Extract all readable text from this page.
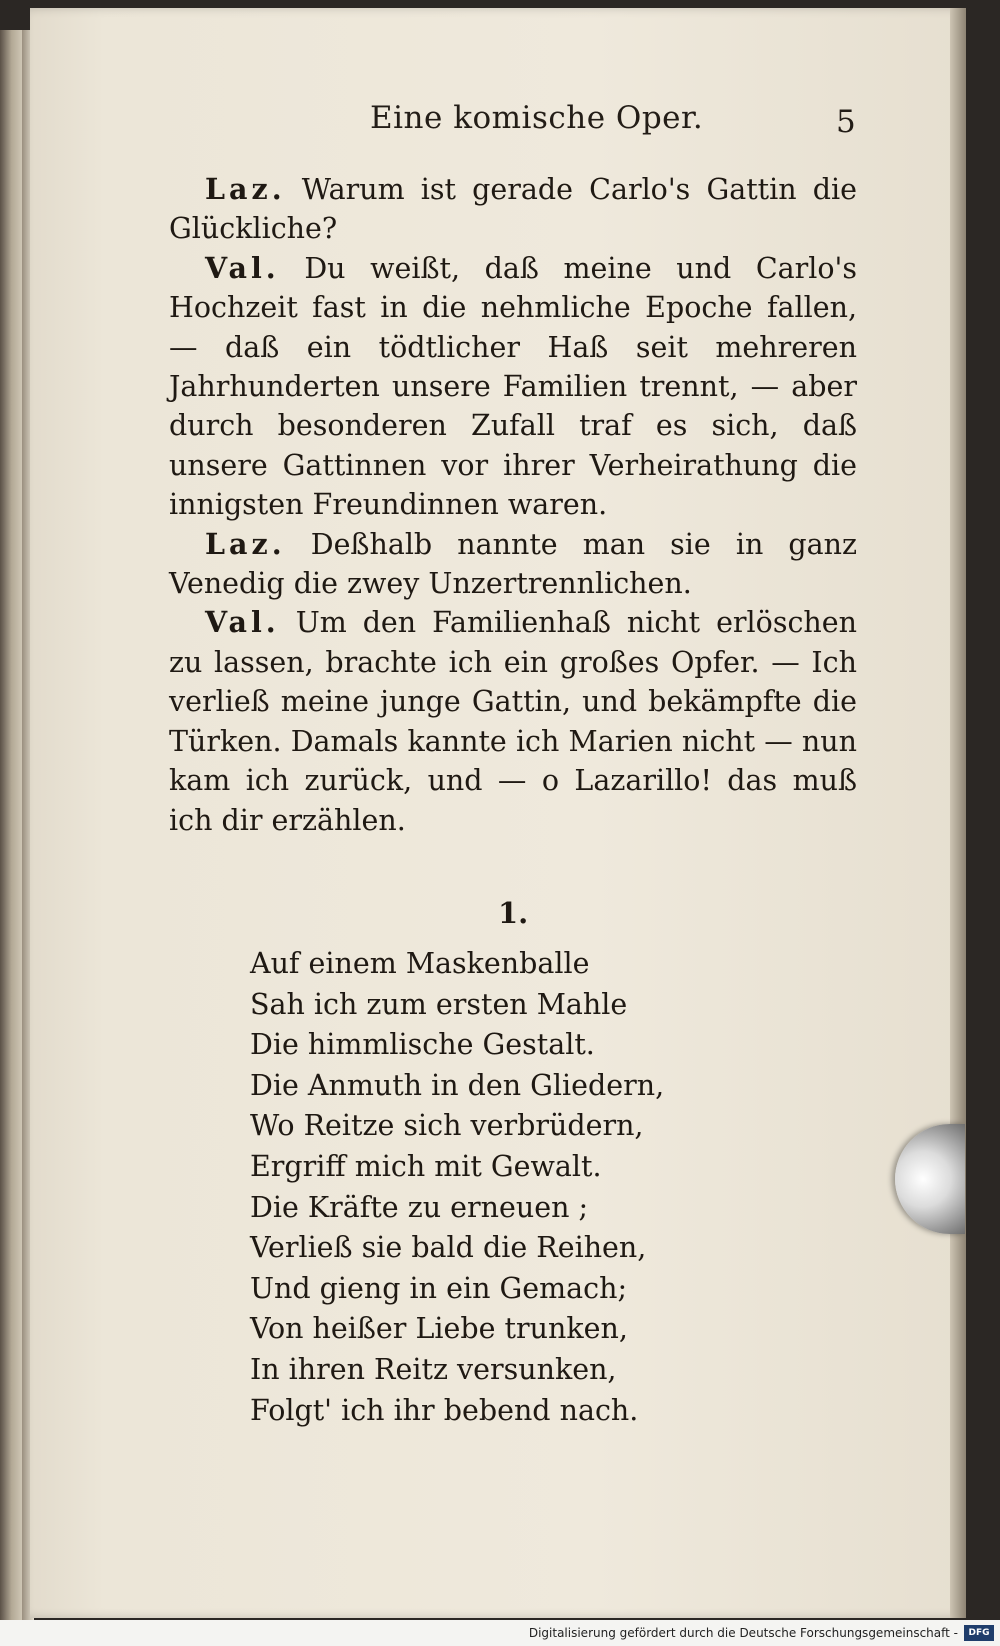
Eine komische Oper.	5

Laz. Warum ist gerade Carlo's Gattin die Glückliche?

Val. Du weißt, daß meine und Carlo's Hochzeit fast in die nehmliche Epoche fallen, — daß ein tödtlicher Haß seit mehreren Jahrhunderten unsere Familien trennt, — aber durch besonderen Zufall traf es sich, daß unsere Gattinnen vor ihrer Verheirathung die innigsten Freundinnen waren.

Laz. Deßhalb nannte man sie in ganz Venedig die zwey Unzertrennlichen.

Val. Um den Familienhaß nicht erlöschen zu lassen, brachte ich ein großes Opfer. — Ich verließ meine junge Gattin, und bekämpfte die Türken. Damals kannte ich Marien nicht — nun kam ich zurück, und — o Lazarillo! das muß ich dir erzählen.

1.
Auf einem Maskenballe
Sah ich zum ersten Mahle
Die himmlische Gestalt.
Die Anmuth in den Gliedern,
Wo Reitze sich verbrüdern,
Ergriff mich mit Gewalt.
Die Kräfte zu erneuen ;
Verließ sie bald die Reihen,
Und gieng in ein Gemach;
Von heißer Liebe trunken,
In ihren Reitz versunken,
Folgt' ich ihr bebend nach.
Digitalisierung gefördert durch die Deutsche Forschungsgemeinschaft -	DFG
